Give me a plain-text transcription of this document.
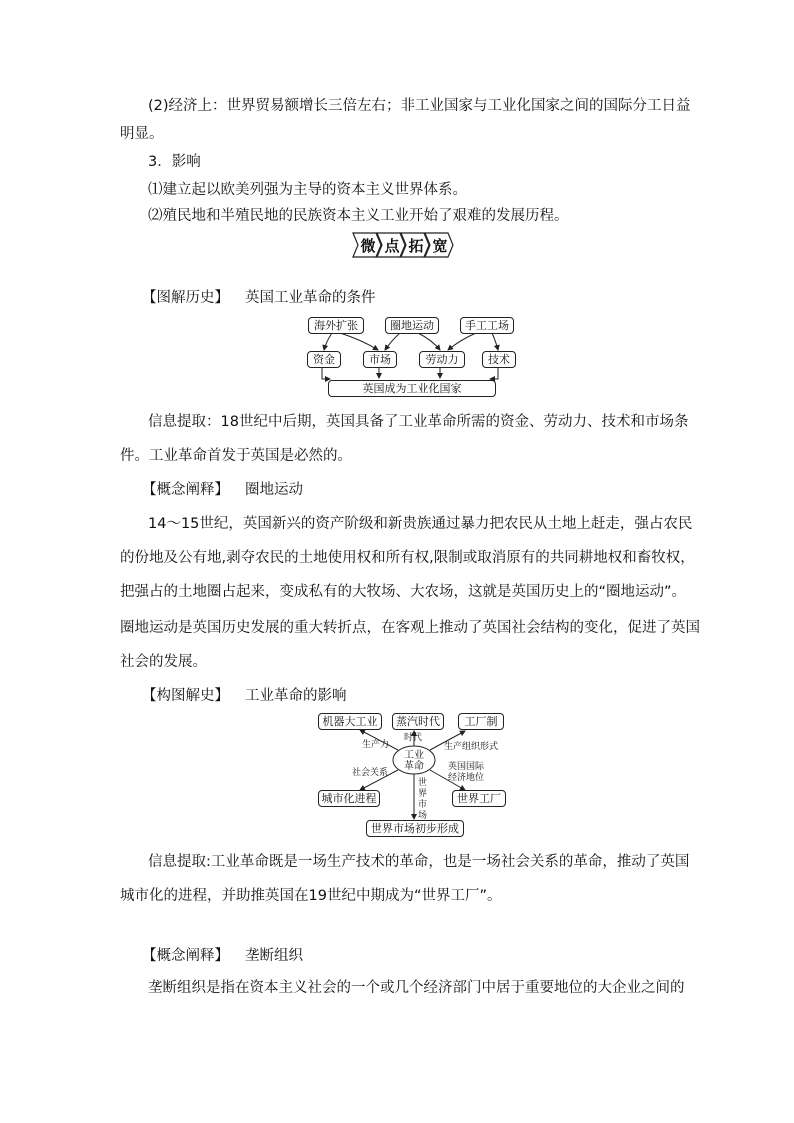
(2)经济上：世界贸易额增长三倍左右；非工业国家与工业化国家之间的国际分工日益
明显。
3．影响
⑴建立起以欧美列强为主导的资本主义世界体系。
⑵殖民地和半殖民地的民族资本主义工业开始了艰难的发展历程。
微 点 拓 宽
【图解历史】 英国工业革命的条件
海外扩张	圈地运动	手工工场
资金	市场	劳动力	技术
英国成为工业化国家
信息提取：18世纪中后期，英国具备了工业革命所需的资金、劳动力、技术和市场条
件。工业革命首发于英国是必然的。
【概念阐释】 圈地运动
14～15世纪，英国新兴的资产阶级和新贵族通过暴力把农民从土地上赶走，强占农民
的份地及公有地,剥夺农民的土地使用权和所有权,限制或取消原有的共同耕地权和畜牧权，
把强占的土地圈占起来，变成私有的大牧场、大农场，这就是英国历史上的“圈地运动”。
圈地运动是英国历史发展的重大转折点，在客观上推动了英国社会结构的变化，促进了英国
社会的发展。
【构图解史】 工业革命的影响
机器大工业	蒸汽时代	工厂制
城市化进程	世界工厂
世界市场初步形成
工业
革命
生产力
时代
生产组织形式
社会关系
英国国际
经济地位
世界
市场
信息提取:工业革命既是一场生产技术的革命，也是一场社会关系的革命，推动了英国
城市化的进程，并助推英国在19世纪中期成为“世界工厂”。
【概念阐释】 垄断组织
垄断组织是指在资本主义社会的一个或几个经济部门中居于重要地位的大企业之间的
